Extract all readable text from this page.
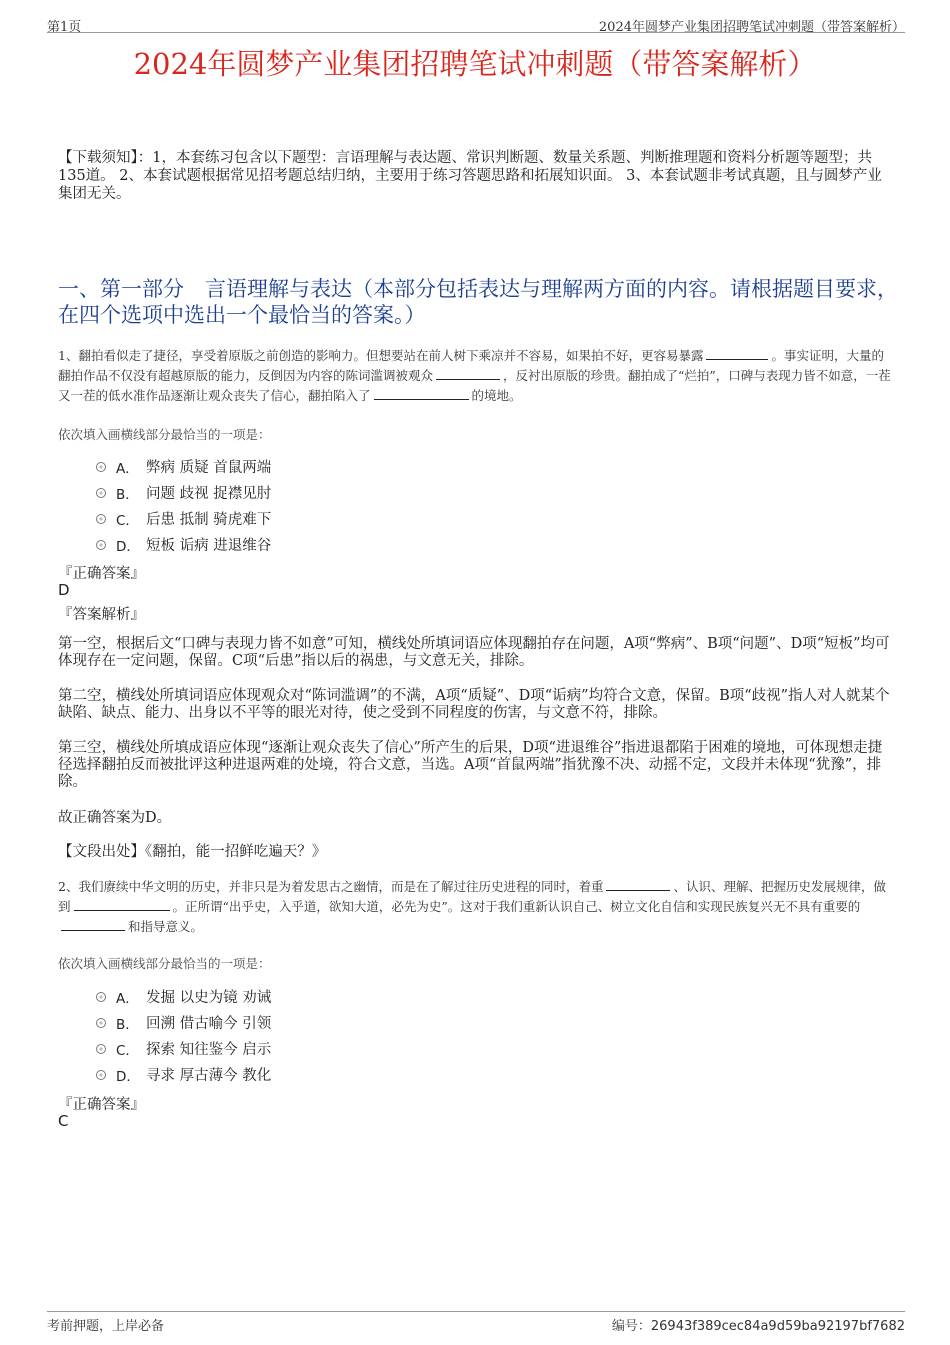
第1页	2024年圆梦产业集团招聘笔试冲刺题（带答案解析）
2024年圆梦产业集团招聘笔试冲刺题（带答案解析）
【下载须知】：1，本套练习包含以下题型：言语理解与表达题、常识判断题、数量关系题、判断推理题和资料分析题等题型；共135道。 2、本套试题根据常见招考题总结归纳，主要用于练习答题思路和拓展知识面。 3、本套试题非考试真题，且与圆梦产业集团无关。
一、第一部分　言语理解与表达（本部分包括表达与理解两方面的内容。请根据题目要求，在四个选项中选出一个最恰当的答案。）
1、翻拍看似走了捷径，享受着原版之前创造的影响力。但想要站在前人树下乘凉并不容易，如果拍不好，更容易暴露	。事实证明，大量的翻拍作品不仅没有超越原版的能力，反倒因为内容的陈词滥调被观众	，反衬出原版的珍贵。翻拍成了“烂拍”，口碑与表现力皆不如意，一茬又一茬的低水准作品逐渐让观众丧失了信心，翻拍陷入了	的境地。
依次填入画横线部分最恰当的一项是：
A． 弊病 质疑 首鼠两端
B． 问题 歧视 捉襟见肘
C． 后患 抵制 骑虎难下
D． 短板 诟病 进退维谷
『正确答案』
D
『答案解析』
第一空，根据后文“口碑与表现力皆不如意”可知，横线处所填词语应体现翻拍存在问题，A项“弊病”、B项“问题”、D项“短板”均可体现存在一定问题，保留。C项“后患”指以后的祸患，与文意无关，排除。
第二空，横线处所填词语应体现观众对“陈词滥调”的不满，A项“质疑”、D项“诟病”均符合文意，保留。B项“歧视”指人对人就某个缺陷、缺点、能力、出身以不平等的眼光对待，使之受到不同程度的伤害，与文意不符，排除。
第三空，横线处所填成语应体现“逐渐让观众丧失了信心”所产生的后果，D项“进退维谷”指进退都陷于困难的境地，可体现想走捷径选择翻拍反而被批评这种进退两难的处境，符合文意，当选。A项“首鼠两端”指犹豫不决、动摇不定，文段并未体现“犹豫”，排除。
故正确答案为D。
【文段出处】《翻拍，能一招鲜吃遍天？》
2、我们赓续中华文明的历史，并非只是为着发思古之幽情，而是在了解过往历史进程的同时，着重	、认识、理解、把握历史发展规律，做到	。正所谓“出乎史，入乎道，欲知大道，必先为史”。这对于我们重新认识自己、树立文化自信和实现民族复兴无不具有重要的和指导意义。
依次填入画横线部分最恰当的一项是：
A． 发掘 以史为镜 劝诫
B． 回溯 借古喻今 引领
C． 探索 知往鉴今 启示
D． 寻求 厚古薄今 教化
『正确答案』
C
考前押题，上岸必备	编号：26943f389cec84a9d59ba92197bf7682
